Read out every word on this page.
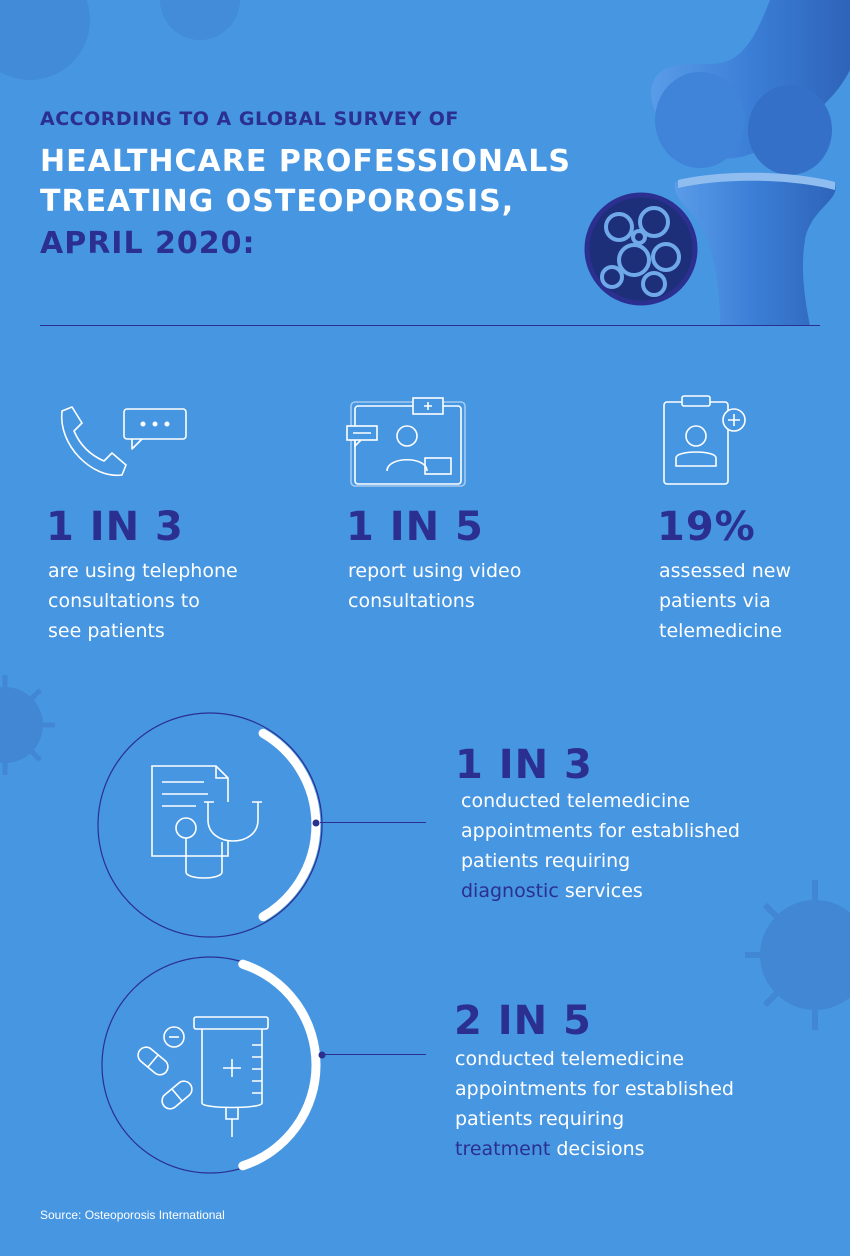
ACCORDING TO A GLOBAL SURVEY OF
HEALTHCARE PROFESSIONALS
TREATING OSTEOPOROSIS,
APRIL 2020:
1 IN 3	1 IN 5	19%
are using telephone
consultations to
see patients
report using video
consultations
assessed new
patients via
telemedicine
1 IN 3
conducted telemedicine
appointments for established
patients requiring
diagnostic services
2 IN 5
conducted telemedicine
appointments for established
patients requiring
treatment decisions
Source: Osteoporosis International
